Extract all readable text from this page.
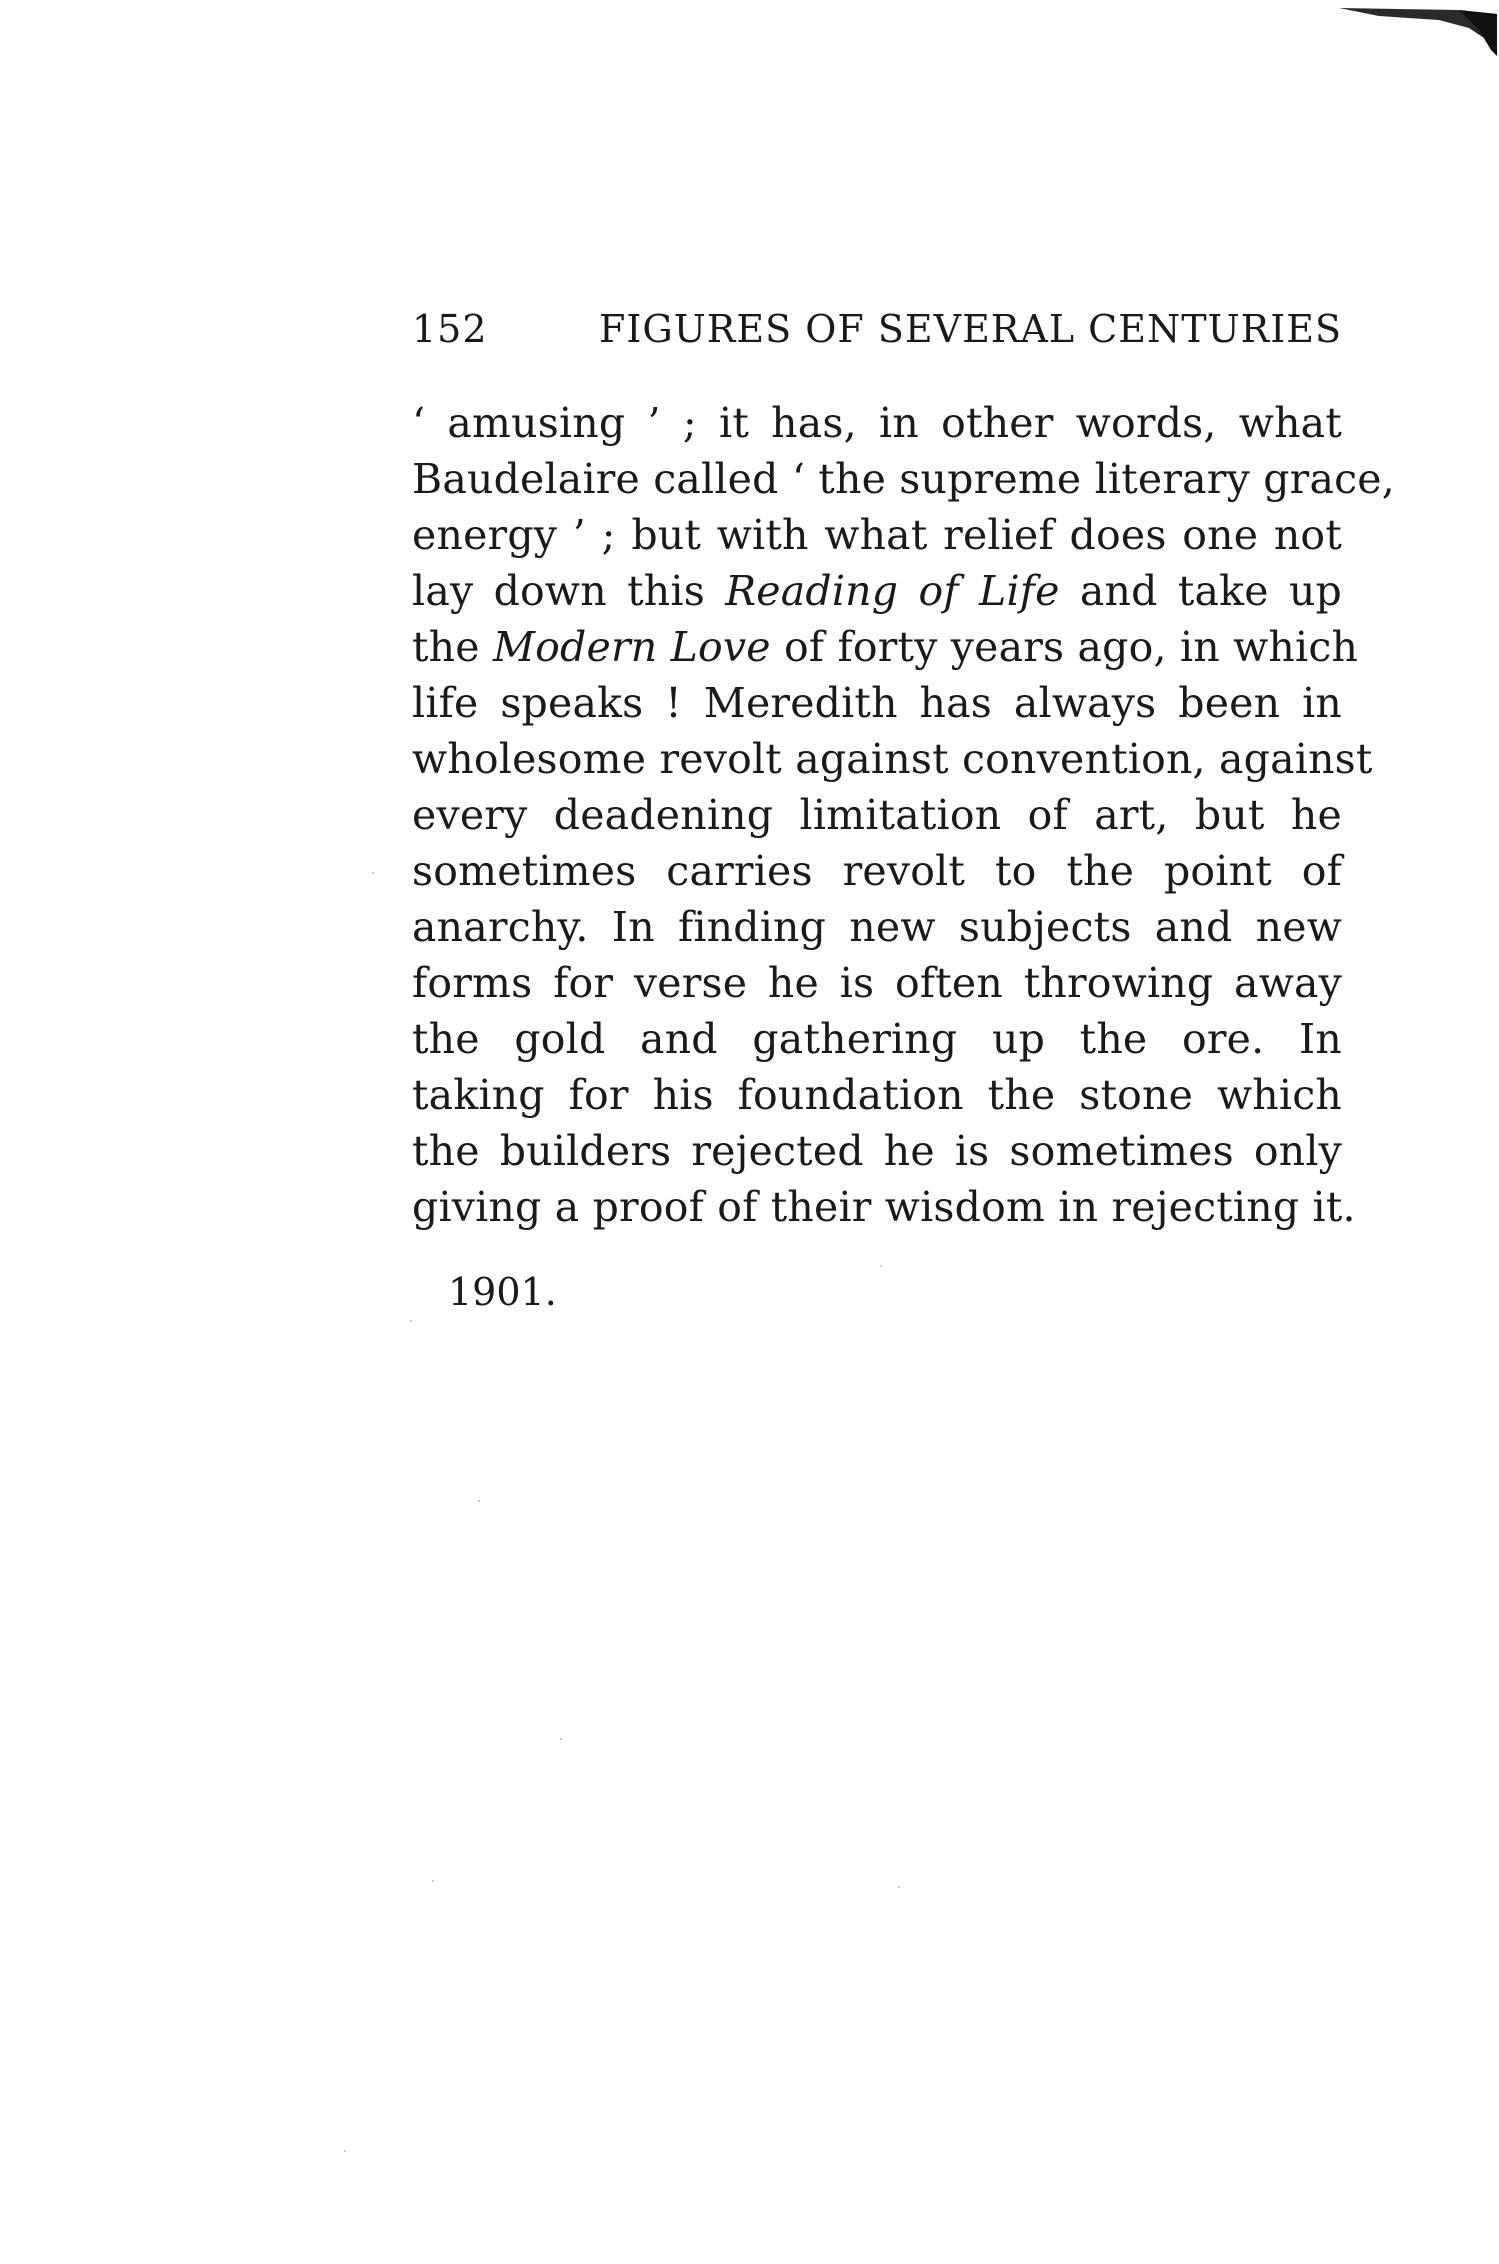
152	FIGURES OF SEVERAL CENTURIES
‘ amusing ’ ; it has, in other words, what
Baudelaire called ‘ the supreme literary grace,
energy ’ ; but with what relief does one not
lay down this Reading of Life and take up
the Modern Love of forty years ago, in which
life speaks ! Meredith has always been in
wholesome revolt against convention, against
every deadening limitation of art, but he
sometimes carries revolt to the point of
anarchy. In finding new subjects and new
forms for verse he is often throwing away
the gold and gathering up the ore. In
taking for his foundation the stone which
the builders rejected he is sometimes only
giving a proof of their wisdom in rejecting it.
1901.
